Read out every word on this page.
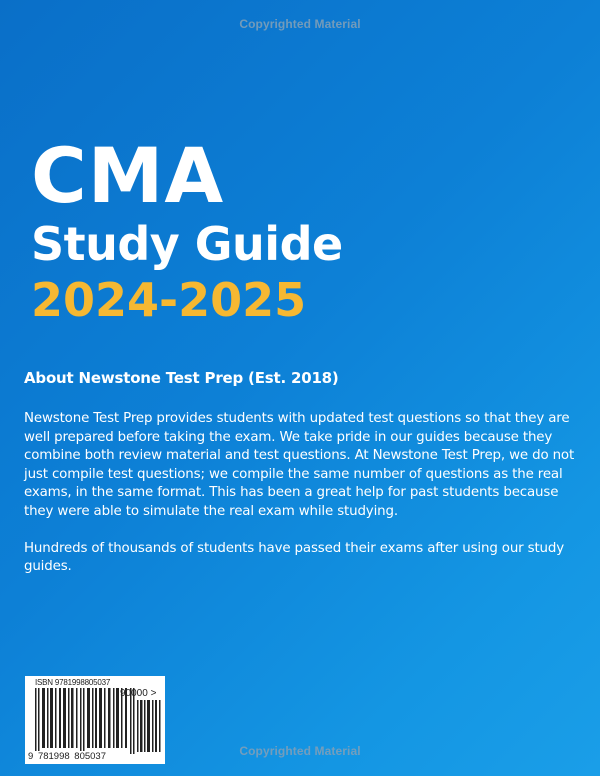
Copyrighted Material
CMA
Study Guide
2024-2025
About Newstone Test Prep (Est. 2018)

Newstone Test Prep provides students with updated test questions so that they are well prepared before taking the exam. We take pride in our guides because they combine both review material and test questions. At Newstone Test Prep, we do not just compile test questions; we compile the same number of questions as the real exams, in the same format. This has been a great help for past students because they were able to simulate the real exam while studying.

Hundreds of thousands of students have passed their exams after using our study guides.

ISBN 9781998805037
90000 >
9 781998 805037	Copyrighted Material
